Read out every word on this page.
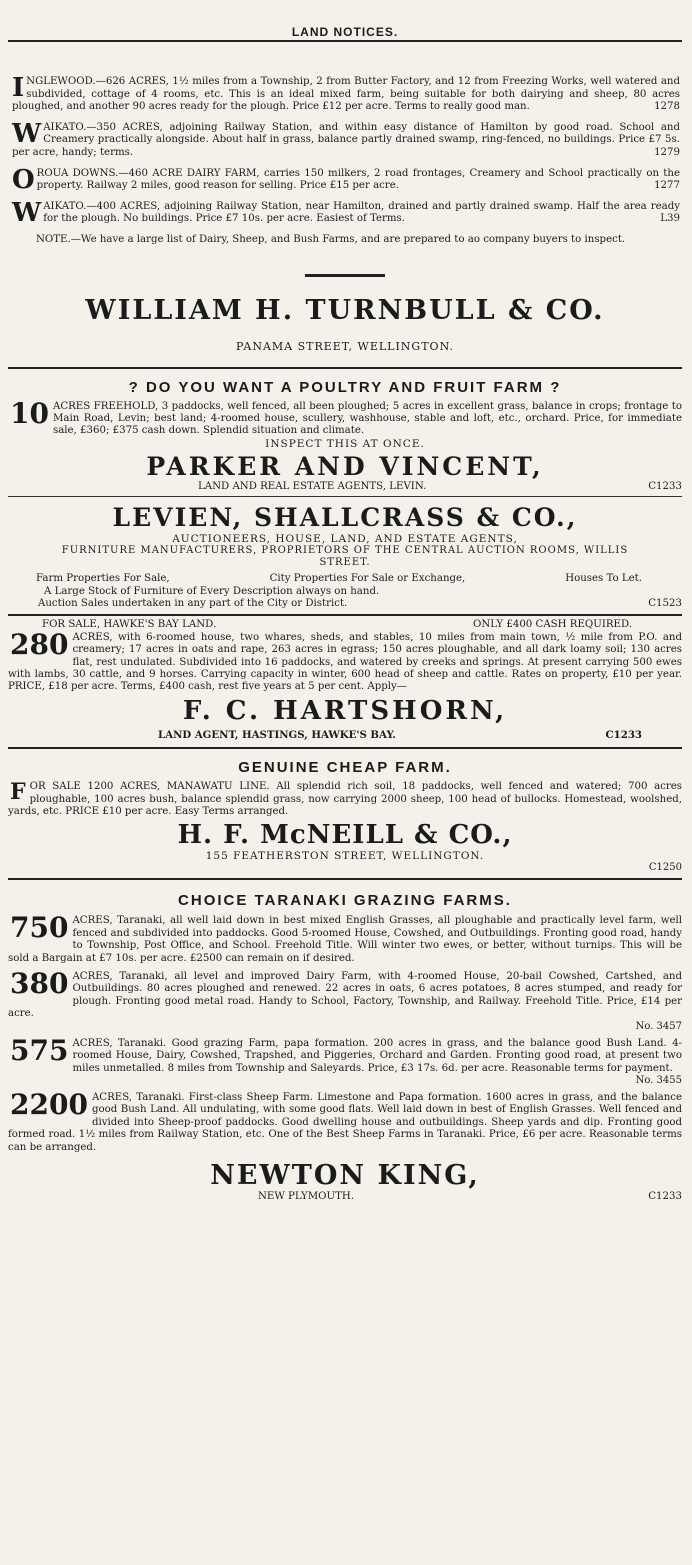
LAND NOTICES.
I NGLEWOOD.—626 ACRES, 1½ miles from a Township, 2 from Butter Factory, and 12 from Freezing Works, well watered and subdivided, cottage of 4 rooms, etc. This is an ideal mixed farm, being suitable for both dairying and sheep, 80 acres ploughed, and another 90 acres ready for the plough. Price £12 per acre. Terms to really good man.	1278
W AIKATO.—350 ACRES, adjoining Railway Station, and within easy distance of Hamilton by good road. School and Creamery practically alongside. About half in grass, balance partly drained swamp, ring-fenced, no buildings. Price £7 5s. per acre, handy; terms.	1279
O ROUA DOWNS.—460 ACRE DAIRY FARM, carries 150 milkers, 2 road frontages, Creamery and School practically on the property. Railway 2 miles, good reason for selling. Price £15 per acre.	1277
W AIKATO.—400 ACRES, adjoining Railway Station, near Hamilton, drained and partly drained swamp. Half the area ready for the plough. No buildings. Price £7 10s. per acre. Easiest of Terms.	L39
NOTE.—We have a large list of Dairy, Sheep, and Bush Farms, and are prepared to ao company buyers to inspect.
WILLIAM H. TURNBULL & CO.
PANAMA STREET, WELLINGTON.
? DO YOU WANT A POULTRY AND FRUIT FARM ?
10 ACRES FREEHOLD, 3 paddocks, well fenced, all been ploughed; 5 acres in excellent grass, balance in crops; frontage to Main Road, Levin; best land; 4-roomed house, scullery, washhouse, stable and loft, etc., orchard. Price, for immediate sale, £360; £375 cash down. Splendid situation and climate.
INSPECT THIS AT ONCE.
PARKER AND VINCENT,
LAND AND REAL ESTATE AGENTS, LEVIN.	C1233
LEVIEN, SHALLCRASS & CO.,
AUCTIONEERS, HOUSE, LAND, AND ESTATE AGENTS,
FURNITURE MANUFACTURERS, PROPRIETORS OF THE CENTRAL AUCTION ROOMS, WILLIS STREET.
Farm Properties For Sale,	City Properties For Sale or Exchange,	Houses To Let.
A Large Stock of Furniture of Every Description always on hand.
Auction Sales undertaken in any part of the City or District.	C1523
FOR SALE, HAWKE'S BAY LAND.	ONLY £400 CASH REQUIRED.
280 ACRES, with 6-roomed house, two whares, sheds, and stables, 10 miles from main town, ½ mile from P.O. and creamery; 17 acres in oats and rape, 263 acres in egrass; 150 acres ploughable, and all dark loamy soil; 130 acres flat, rest undulated. Subdivided into 16 paddocks, and watered by creeks and springs. At present carrying 500 ewes with lambs, 30 cattle, and 9 horses. Carrying capacity in winter, 600 head of sheep and cattle. Rates on property, £10 per year. PRICE, £18 per acre. Terms, £400 cash, rest five years at 5 per cent. Apply—
F. C. HARTSHORN,
LAND AGENT, HASTINGS, HAWKE'S BAY.	C1233
GENUINE CHEAP FARM.
F OR SALE 1200 ACRES, MANAWATU LINE. All splendid rich soil, 18 paddocks, well fenced and watered; 700 acres ploughable, 100 acres bush, balance splendid grass, now carrying 2000 sheep, 100 head of bullocks. Homestead, woolshed, yards, etc. PRICE £10 per acre. Easy Terms arranged.
H. F. McNEILL & CO.,
155 FEATHERSTON STREET, WELLINGTON.
C1250
CHOICE TARANAKI GRAZING FARMS.
750 ACRES, Taranaki, all well laid down in best mixed English Grasses, all ploughable and practically level farm, well fenced and subdivided into paddocks. Good 5-roomed House, Cowshed, and Outbuildings. Fronting good road, handy to Township, Post Office, and School. Freehold Title. Will winter two ewes, or better, without turnips. This will be sold a Bargain at £7 10s. per acre. £2500 can remain on if desired.
380 ACRES, Taranaki, all level and improved Dairy Farm, with 4-roomed House, 20-bail Cowshed, Cartshed, and Outbuildings. 80 acres ploughed and renewed. 22 acres in oats, 6 acres potatoes, 8 acres stumped, and ready for plough. Fronting good metal road. Handy to School, Factory, Township, and Railway. Freehold Title. Price, £14 per acre.
No. 3457
575 ACRES, Taranaki. Good grazing Farm, papa formation. 200 acres in grass, and the balance good Bush Land. 4-roomed House, Dairy, Cowshed, Trapshed, and Piggeries, Orchard and Garden. Fronting good road, at present two miles unmetalled. 8 miles from Township and Saleyards. Price, £3 17s. 6d. per acre. Reasonable terms for payment.
No. 3455
2200 ACRES, Taranaki. First-class Sheep Farm. Limestone and Papa formation. 1600 acres in grass, and the balance good Bush Land. All undulating, with some good flats. Well laid down in best of English Grasses. Well fenced and divided into Sheep-proof paddocks. Good dwelling house and outbuildings. Sheep yards and dip. Fronting good formed road. 1½ miles from Railway Station, etc. One of the Best Sheep Farms in Taranaki. Price, £6 per acre. Reasonable terms can be arranged.
NEWTON KING,
NEW PLYMOUTH.	C1233
